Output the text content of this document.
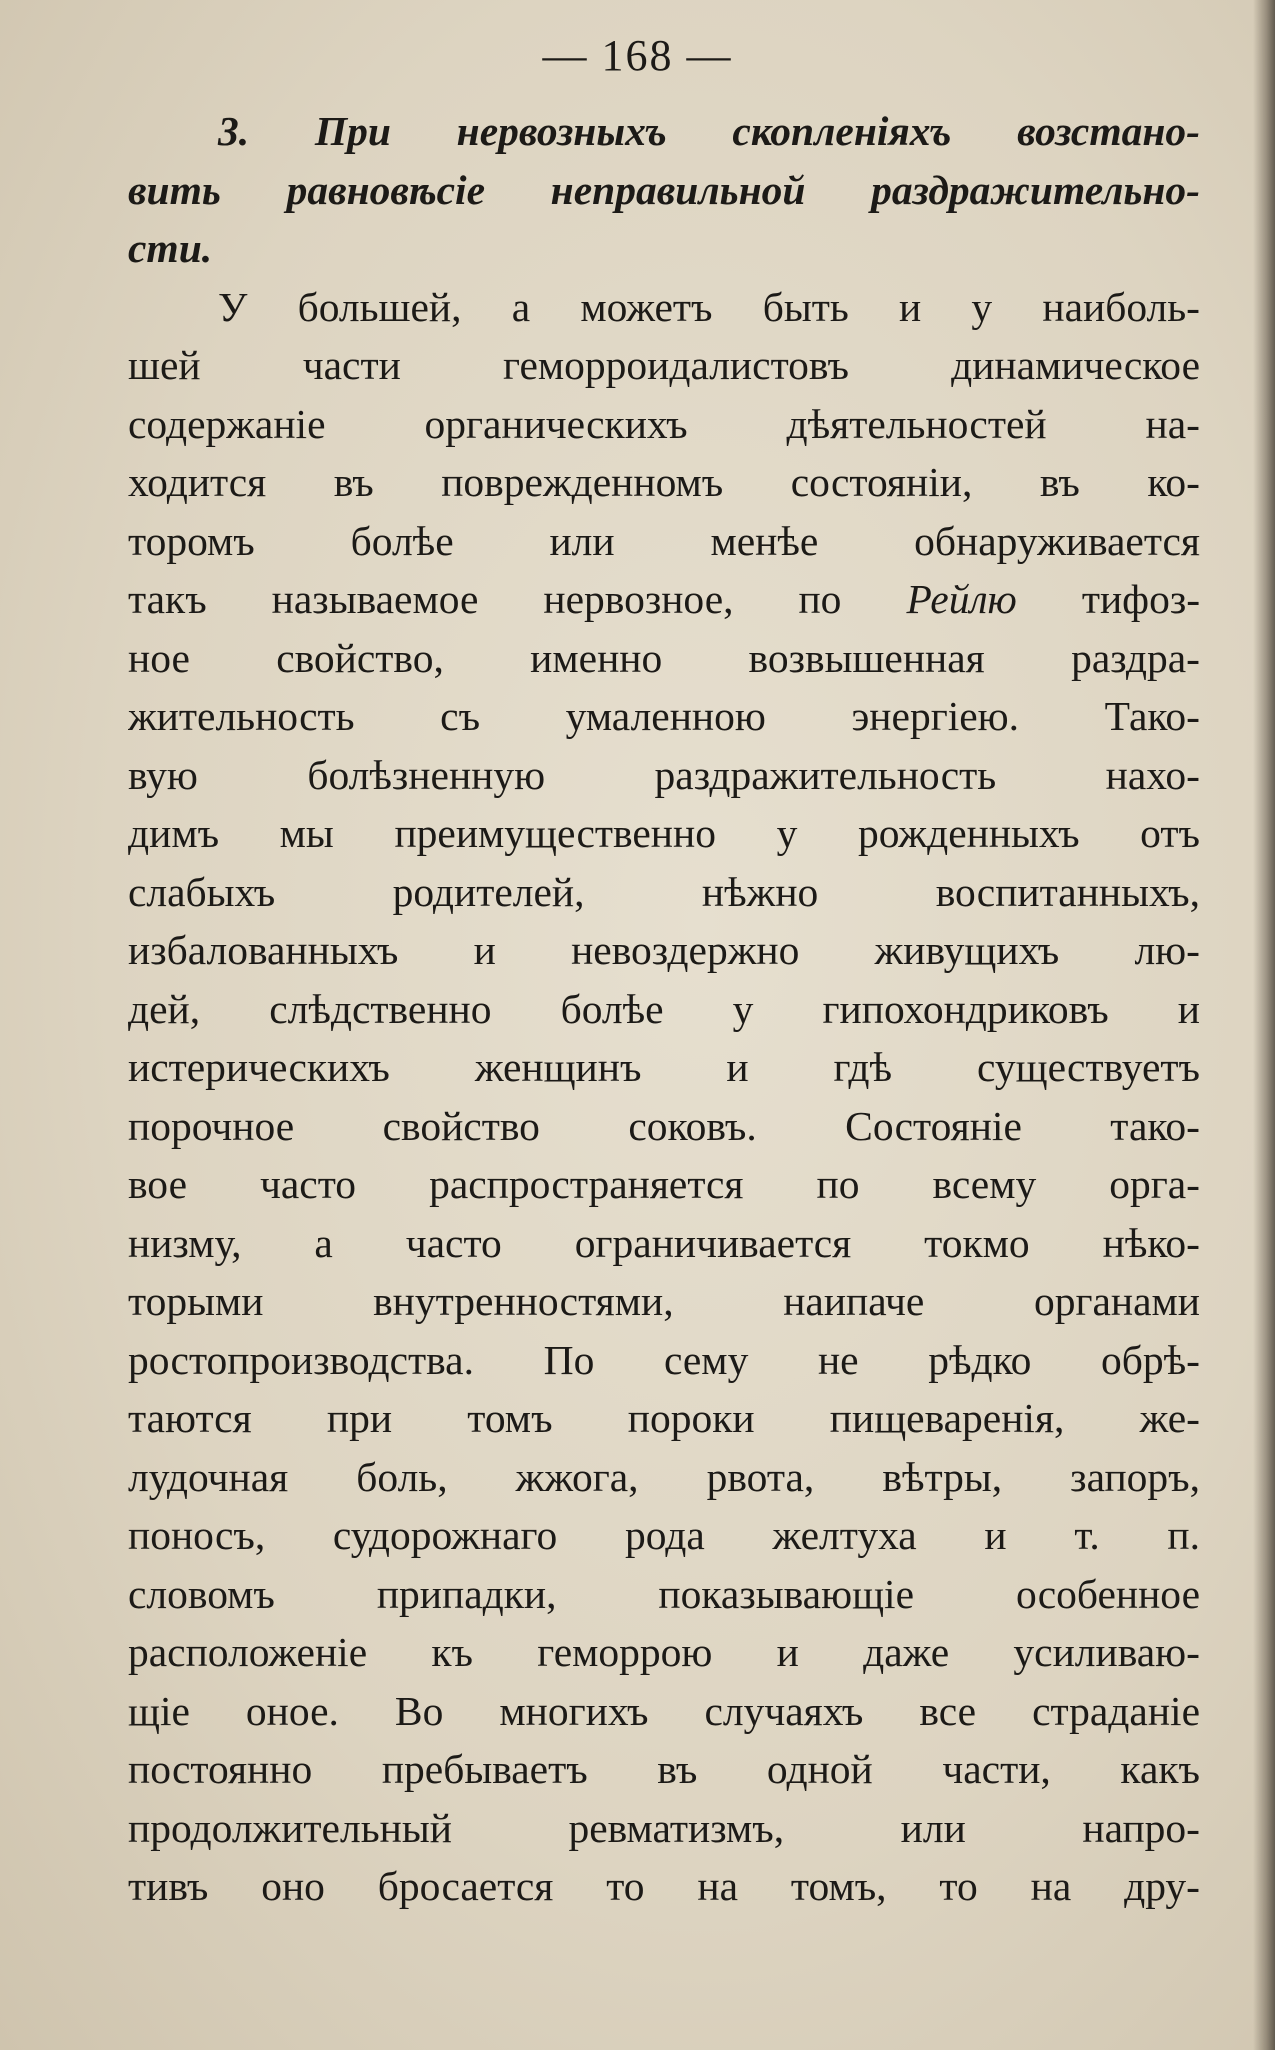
— 168 —
3. При нервозныхъ скопленіяхъ возстано-
вить равновѣсіе неправильной раздражительно-
сти.
У большей, а можетъ быть и у наиболь-
шей части геморроидалистовъ динамическое
содержаніе органическихъ дѣятельностей на-
ходится въ поврежденномъ состояніи, въ ко-
торомъ болѣе или менѣе обнаруживается
такъ называемое нервозное, по Рейлю тифоз-
ное свойство, именно возвышенная раздра-
жительность съ умаленною энергіею. Тако-
вую болѣзненную раздражительность нахо-
димъ мы преимущественно у рожденныхъ отъ
слабыхъ родителей, нѣжно воспитанныхъ,
избалованныхъ и невоздержно живущихъ лю-
дей, слѣдственно болѣе у гипохондриковъ и
истерическихъ женщинъ и гдѣ существуетъ
порочное свойство соковъ. Состояніе тако-
вое часто распространяется по всему орга-
низму, а часто ограничивается токмо нѣко-
торыми внутренностями, наипаче органами
ростопроизводства. По сему не рѣдко обрѣ-
таются при томъ пороки пищеваренія, же-
лудочная боль, жжога, рвота, вѣтры, запоръ,
поносъ, судорожнаго рода желтуха и т. п.
словомъ припадки, показывающіе особенное
расположеніе къ геморрою и даже усиливаю-
щіе оное. Во многихъ случаяхъ все страданіе
постоянно пребываетъ въ одной части, какъ
продолжительный ревматизмъ, или напро-
тивъ оно бросается то на томъ, то на дру-
